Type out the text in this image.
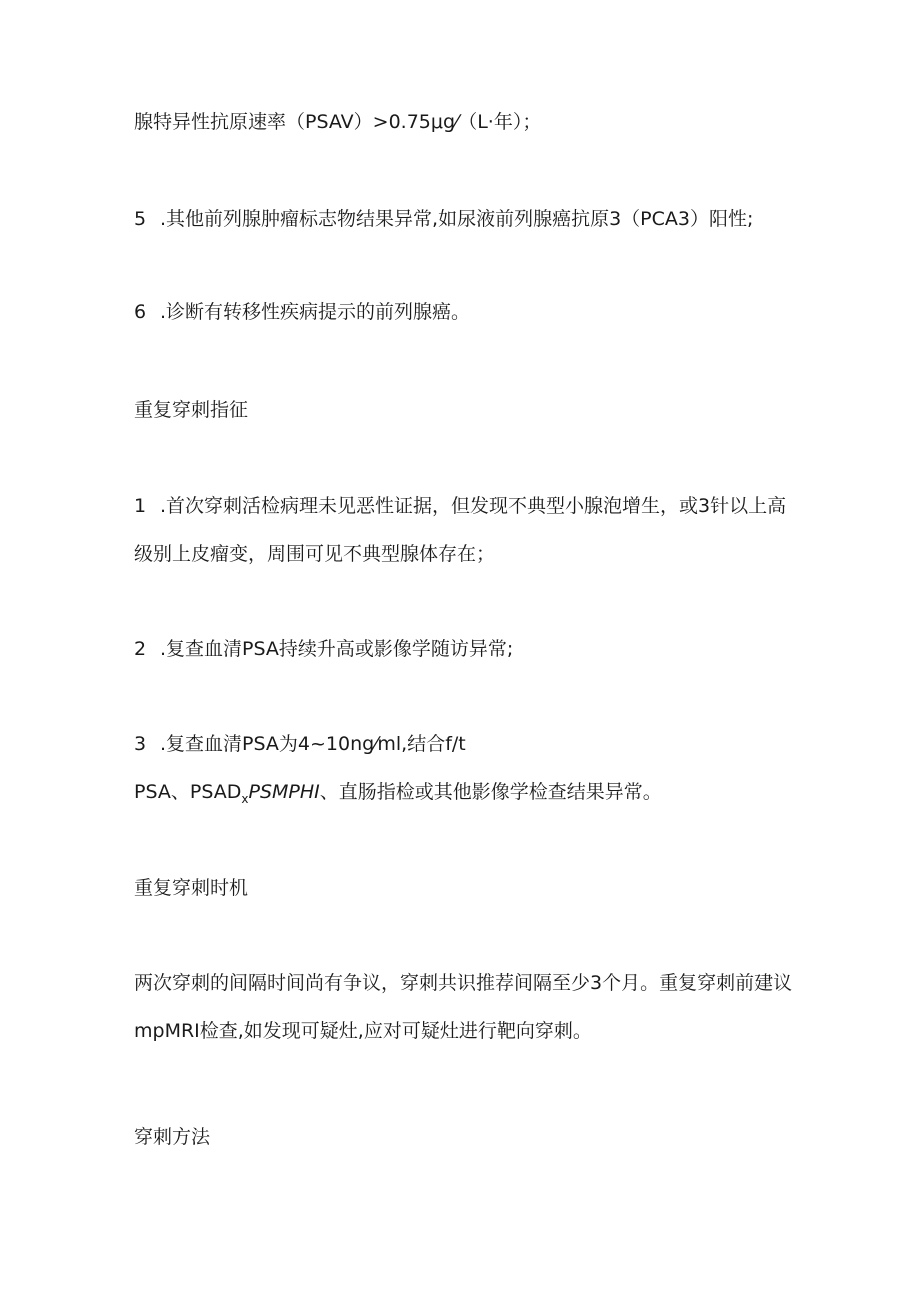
腺特异性抗原速率（PSAV）>0.75μg⁄（L·年）；
5 .其他前列腺肿瘤标志物结果异常,如尿液前列腺癌抗原3（PCA3）阳性;
6 .诊断有转移性疾病提示的前列腺癌。
重复穿刺指征
1 .首次穿刺活检病理未见恶性证据，但发现不典型小腺泡增生，或3针以上高
级别上皮瘤变，周围可见不典型腺体存在；
2 .复查血清PSA持续升高或影像学随访异常;
3 .复查血清PSA为4~10ng⁄ml,结合f/t
PSA、$PSAD_xPSMPHI$、直肠指检或其他影像学检查结果异常。
重复穿刺时机
两次穿刺的间隔时间尚有争议，穿刺共识推荐间隔至少3个月。重复穿刺前建议
mpMRI检查,如发现可疑灶,应对可疑灶进行靶向穿刺。
穿刺方法
